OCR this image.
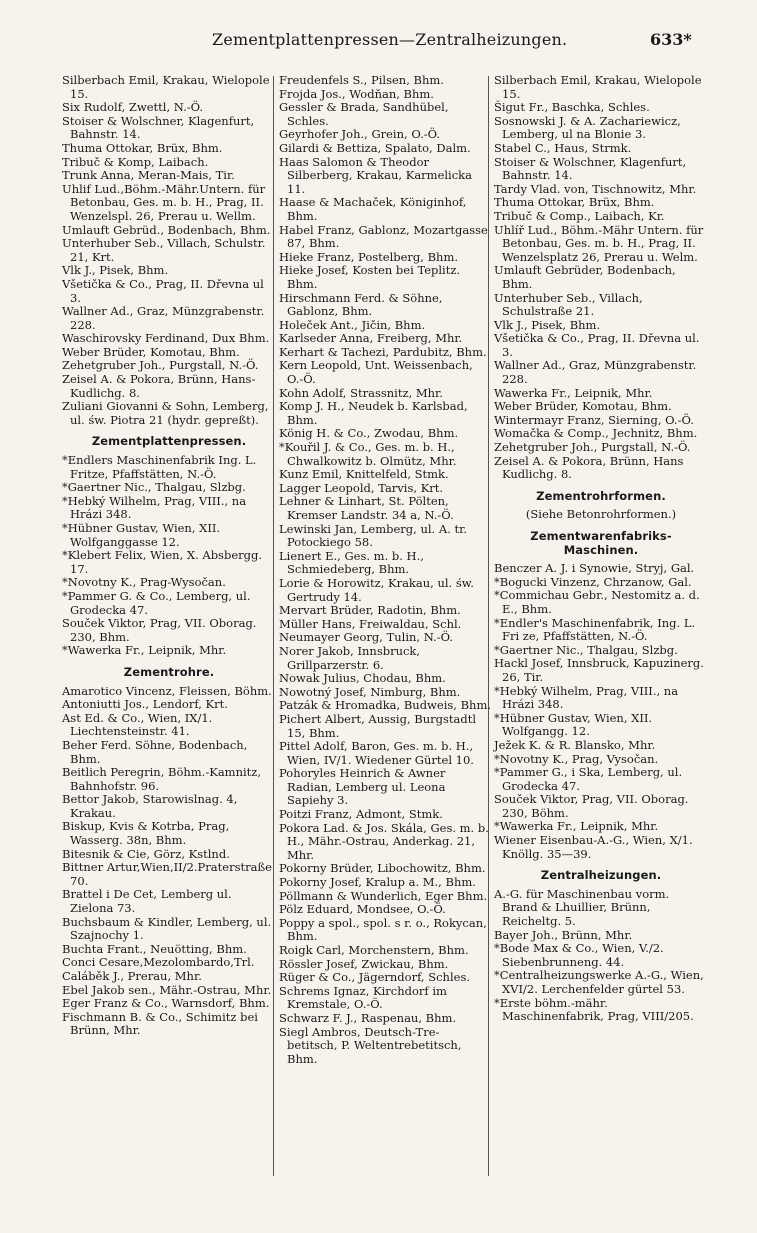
Zementplattenpressen—Zentralheizungen.	633*

Silberbach Emil, Krakau, Wielopole 15.

Six Rudolf, Zwettl, N.-Ö.

Stoiser & Wolschner, Klagenfurt, Bahnstr. 14.

Thuma Ottokar, Brüx, Bhm.

Tribuč & Komp, Laibach.

Trunk Anna, Meran-Mais, Tir.

Uhlif Lud.,Böhm.-Mähr.Untern. für Betonbau, Ges. m. b. H., Prag, II. Wenzelspl. 26, Prerau u. Wellm.

Umlauft Gebrüd., Bodenbach, Bhm.

Unterhuber Seb., Villach, Schulstr. 21, Krt.

Vlk J., Pisek, Bhm.

Všetička & Co., Prag, II. Dřevna ul 3.

Wallner Ad., Graz, Münzgrabenstr. 228.

Waschirovsky Ferdinand, Dux Bhm.

Weber Brüder, Komotau, Bhm.

Zehetgruber Joh., Purgstall, N.-Ö.

Zeisel A. & Pokora, Brünn, Hans-Kudlichg. 8.

Zuliani Giovanni & Sohn, Lemberg, ul. św. Piotra 21 (hydr. gepreßt).

Zementplattenpressen.

*Endlers Maschinenfabrik Ing. L. Fritze, Pfaffstätten, N.-Ö.

*Gaertner Nic., Thalgau, Slzbg.

*Hebký Wilhelm, Prag, VIII., na Hrázi 348.

*Hübner Gustav, Wien, XII. Wolfganggasse 12.

*Klebert Felix, Wien, X. Absbergg. 17.

*Novotny K., Prag-Wysočan.

*Pammer G. & Co., Lemberg, ul. Grodecka 47.

Souček Viktor, Prag, VII. Oborag. 230, Bhm.

*Wawerka Fr., Leipnik, Mhr.

Zementrohre.

Amarotico Vincenz, Fleissen, Böhm.

Antoniutti Jos., Lendorf, Krt.

Ast Ed. & Co., Wien, IX/1. Liechtensteinstr. 41.

Beher Ferd. Söhne, Bodenbach, Bhm.

Beitlich Peregrin, Böhm.-Kamnitz, Bahnhofstr. 96.

Bettor Jakob, Starowislnag. 4, Krakau.

Biskup, Kvis & Kotrba, Prag, Wasserg. 38n, Bhm.

Bitesnik & Cie, Görz, Kstlnd.

Bittner Artur,Wien,II/2.Praterstraße 70.

Brattel i De Cet, Lemberg ul. Zielona 73.

Buchsbaum & Kindler, Lemberg, ul. Szajnochy 1.

Buchta Frant., Neuötting, Bhm.

Conci Cesare,Mezolombardo,Trl.

Caláběk J., Prerau, Mhr.

Ebel Jakob sen., Mähr.-Ostrau, Mhr.

Eger Franz & Co., Warnsdorf, Bhm.

Fischmann B. & Co., Schimitz bei Brünn, Mhr.

Freudenfels S., Pilsen, Bhm.

Frojda Jos., Wodňan, Bhm.

Gessler & Brada, Sandhübel, Schles.

Geyrhofer Joh., Grein, O.-Ö.

Gilardi & Bettiza, Spalato, Dalm.

Haas Salomon & Theodor Silberberg, Krakau, Karmelicka 11.

Haase & Machaček, Königinhof, Bhm.

Habel Franz, Gablonz, Mozartgasse 87, Bhm.

Hieke Franz, Postelberg, Bhm.

Hieke Josef, Kosten bei Teplitz. Bhm.

Hirschmann Ferd. & Söhne, Gablonz, Bhm.

Holeček Ant., Jičin, Bhm.

Karlseder Anna, Freiberg, Mhr.

Kerhart & Tachezi, Pardubitz, Bhm.

Kern Leopold, Unt. Weissenbach, O.-Ö.

Kohn Adolf, Strassnitz, Mhr.

Komp J. H., Neudek b. Karlsbad, Bhm.

König H. & Co., Zwodau, Bhm.

*Kouřil J. & Co., Ges. m. b. H., Chwalkowitz b. Olmütz, Mhr.

Kunz Emil, Knittelfeld, Stmk.

Lagger Leopold, Tarvis, Krt.

Lehner & Linhart, St. Pölten, Kremser Landstr. 34 a, N.-Ö.

Lewinski Jan, Lemberg, ul. A. tr. Potockiego 58.

Lienert E., Ges. m. b. H., Schmiedeberg, Bhm.

Lorie & Horowitz, Krakau, ul. św. Gertrudy 14.

Mervart Brüder, Radotin, Bhm.

Müller Hans, Freiwaldau, Schl.

Neumayer Georg, Tulin, N.-Ö.

Norer Jakob, Innsbruck, Grillparzerstr. 6.

Nowak Julius, Chodau, Bhm.

Nowotný Josef, Nimburg, Bhm.

Patzák & Hromadka, Budweis, Bhm.

Pichert Albert, Aussig, Burgstadtl 15, Bhm.

Pittel Adolf, Baron, Ges. m. b. H., Wien, IV/1. Wiedener Gürtel 10.

Pohoryles Heinrich & Awner Radian, Lemberg ul. Leona Sapiehy 3.

Poitzi Franz, Admont, Stmk.

Pokora Lad. & Jos. Skála, Ges. m. b. H., Mähr.-Ostrau, Anderkag. 21, Mhr.

Pokorny Brüder, Libochowitz, Bhm.

Pokorny Josef, Kralup a. M., Bhm.

Pöllmann & Wunderlich, Eger Bhm.

Pölz Eduard, Mondsee, O.-Ö.

Poppy a spol., spol. s r. o., Rokycan, Bhm.

Roigk Carl, Morchenstern, Bhm.

Rössler Josef, Zwickau, Bhm.

Rüger & Co., Jägerndorf, Schles.

Schrems Ignaz, Kirchdorf im Kremstale, O.-Ö.

Schwarz F. J., Raspenau, Bhm.

Siegl Ambros, Deutsch-Tre- betitsch, P. Weltentrebetitsch, Bhm.

Silberbach Emil, Krakau, Wielopole 15.

Šigut Fr., Baschka, Schles.

Sosnowski J. & A. Zachariewicz, Lemberg, ul na Blonie 3.

Stabel C., Haus, Strmk.

Stoiser & Wolschner, Klagenfurt, Bahnstr. 14.

Tardy Vlad. von, Tischnowitz, Mhr.

Thuma Ottokar, Brüx, Bhm.

Tribuč & Comp., Laibach, Kr.

Uhlíř Lud., Böhm.-Mähr Untern. für Betonbau, Ges. m. b. H., Prag, II. Wenzelsplatz 26, Prerau u. Welm.

Umlauft Gebrüder, Bodenbach, Bhm.

Unterhuber Seb., Villach, Schulstraße 21.

Vlk J., Pisek, Bhm.

Všetička & Co., Prag, II. Dřevna ul. 3.

Wallner Ad., Graz, Münzgrabenstr. 228.

Wawerka Fr., Leipnik, Mhr.

Weber Brüder, Komotau, Bhm.

Wintermayr Franz, Sierning, O.-Ö.

Womačka & Comp., Jechnitz, Bhm.

Zehetgruber Joh., Purgstall, N.-Ö.

Zeisel A. & Pokora, Brünn, Hans Kudlichg. 8.

Zementrohrformen.

(Siehe Betonrohrformen.)

Zementwarenfabriks-Maschinen.

Benczer A. J. i Synowie, Stryj, Gal.

*Bogucki Vinzenz, Chrzanow, Gal.

*Commichau Gebr., Nestomitz a. d. E., Bhm.

*Endler's Maschinenfabrik, Ing. L. Fri ze, Pfaffstätten, N.-Ö.

*Gaertner Nic., Thalgau, Slzbg.

Hackl Josef, Innsbruck, Kapuzinerg. 26, Tir.

*Hebký Wilhelm, Prag, VIII., na Hrázi 348.

*Hübner Gustav, Wien, XII. Wolfgangg. 12.

Ježek K. & R. Blansko, Mhr.

*Novotny K., Prag, Vysočan.

*Pammer G., i Ska, Lemberg, ul. Grodecka 47.

Souček Viktor, Prag, VII. Oborag. 230, Böhm.

*Wawerka Fr., Leipnik, Mhr.

Wiener Eisenbau-A.-G., Wien, X/1. Knöllg. 35—39.

Zentralheizungen.

A.-G. für Maschinenbau vorm. Brand & Lhuillier, Brünn, Reicheltg. 5.

Bayer Joh., Brünn, Mhr.

*Bode Max & Co., Wien, V./2. Siebenbrunneng. 44.

*Centralheizungswerke A.-G., Wien, XVI/2. Lerchenfelder gürtel 53.

*Erste böhm.-mähr. Maschinenfabrik, Prag, VIII/205.
